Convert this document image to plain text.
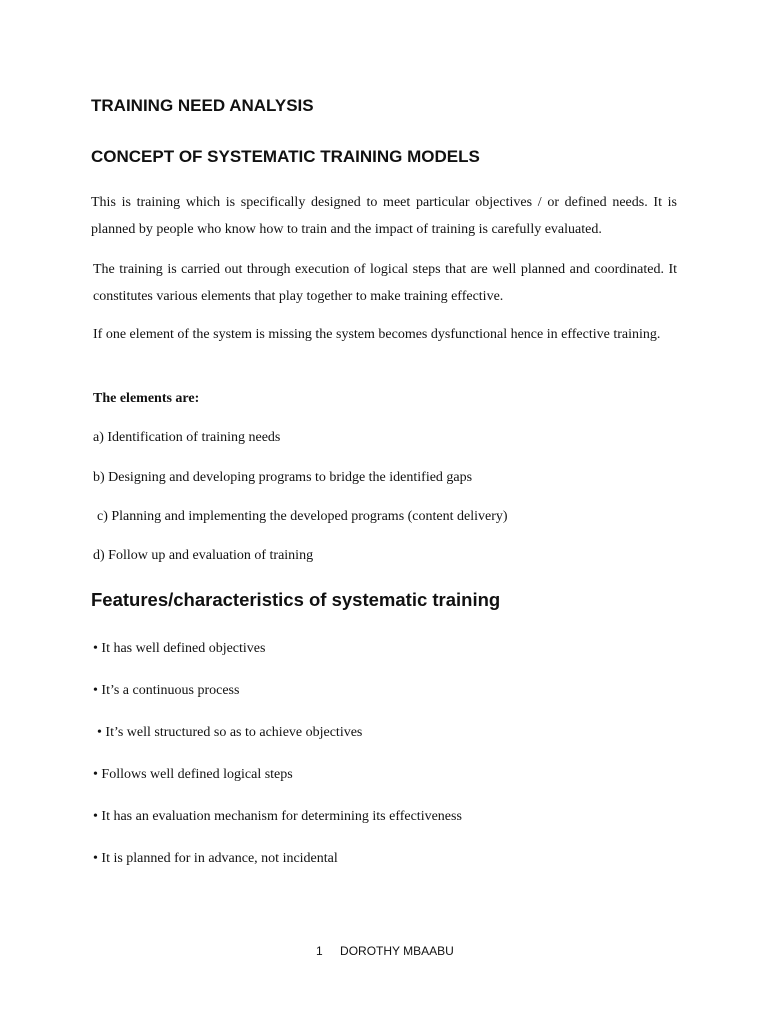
TRAINING NEED ANALYSIS
CONCEPT OF SYSTEMATIC TRAINING MODELS

This is training which is specifically designed to meet particular objectives / or defined needs. It is planned by people who know how to train and the impact of training is carefully evaluated.

The training is carried out through execution of logical steps that are well planned and coordinated. It constitutes various elements that play together to make training effective.

If one element of the system is missing the system becomes dysfunctional hence in effective training.

The elements are:

a) Identification of training needs

b) Designing and developing programs to bridge the identified gaps

c) Planning and implementing the developed programs (content delivery)

d) Follow up and evaluation of training

Features/characteristics of systematic training

• It has well defined objectives

• It’s a continuous process

• It’s well structured so as to achieve objectives

• Follows well defined logical steps

• It has an evaluation mechanism for determining its effectiveness

• It is planned for in advance, not incidental

1 DOROTHY MBAABU
